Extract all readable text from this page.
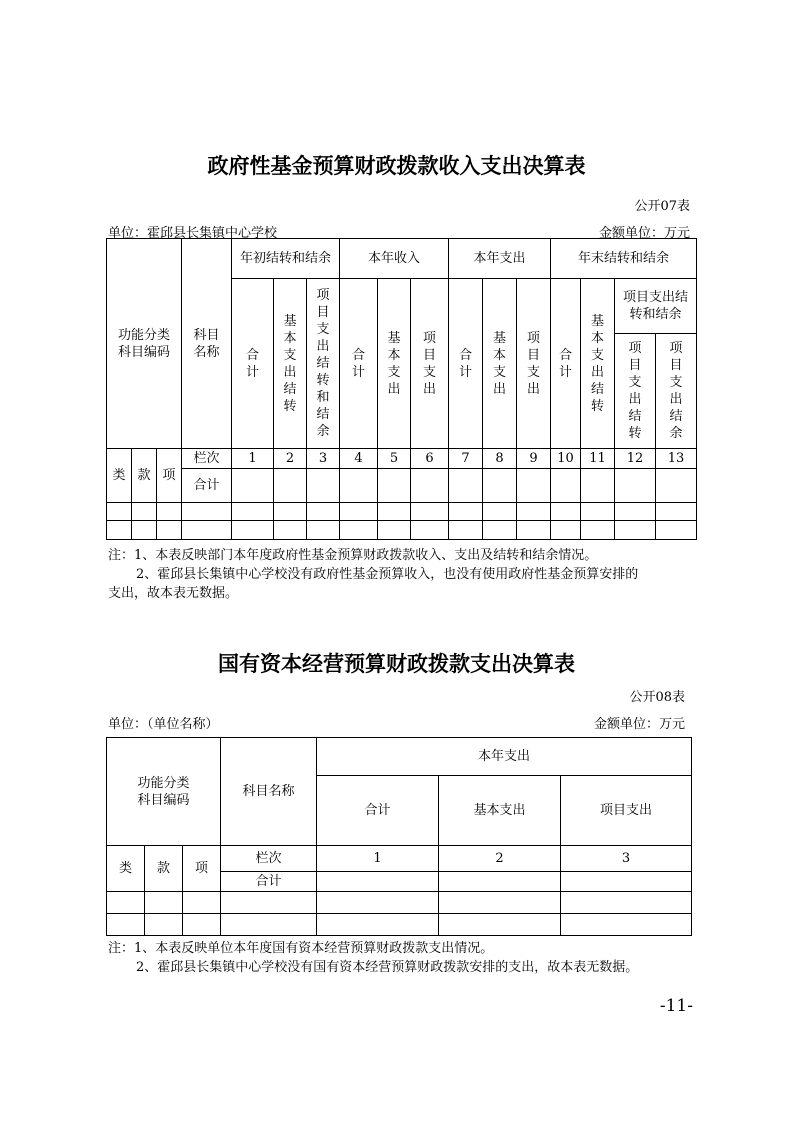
政府性基金预算财政拨款收入支出决算表
公开07表
单位：霍邱县长集镇中心学校	金额单位：万元
功能分类科目编码			科目名称	年初结转和结余			本年收入			本年支出			年末结转和结余			
				合计	基本支出结转	项目支出结转和结余	合计	基本支出	项目支出	合计	基本支出	项目支出	合计	基本支出结转	项目支出结转和结余	
															项目支出结转	项目支出结余
类	款	项	栏次	1	2	3	4	5	6	7	8	9	10	11	12	13
			合计													

注：1、本表反映部门本年度政府性基金预算财政拨款收入、支出及结转和结余情况。
2、霍邱县长集镇中心学校没有政府性基金预算收入，也没有使用政府性基金预算安排的
支出，故本表无数据。
国有资本经营预算财政拨款支出决算表
公开08表
单位：（单位名称）	金额单位：万元
功能分类
科目编码			科目名称	本年支出		
				合计	基本支出	项目支出
类	款	项	栏次	1	2	3
			合计			

注：1、本表反映单位本年度国有资本经营预算财政拨款支出情况。
2、霍邱县长集镇中心学校没有国有资本经营预算财政拨款安排的支出，故本表无数据。
-11-
